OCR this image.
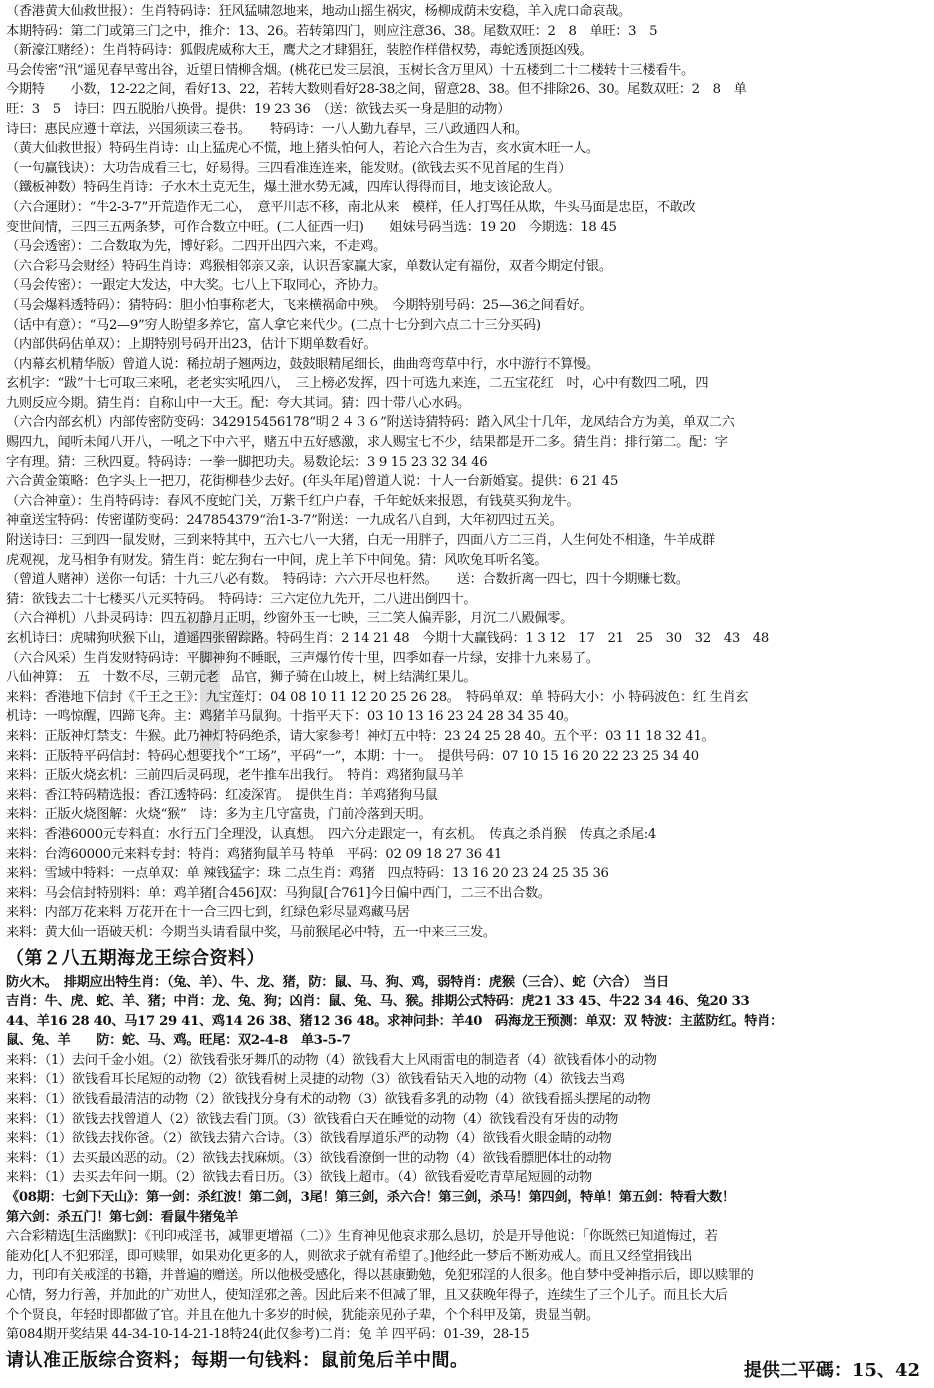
（香港黄大仙救世报）：生肖特码诗：狂风猛啸忽地来，地动山摇生祸灾，杨柳成荫未安稳，羊入虎口命哀哉。
本期特码：第二门或第三门之中，推介：13、26。若转第四门，则应注意36、38。尾数双旺：2　8　单旺：3　5
（新濠江赌经）：生肖特码诗：狐假虎威称大王，鹰犬之才肆猖狂，装腔作样借权势，毒蛇透顶挺凶残。
马会传密“汛”遥见春早莺出谷，近望日情柳含烟。(桃花已发三层浪，玉树长含万里风）十五楼到二十二楼转十三楼看牛。
今期特　　小数，12-22之间，看好13、22，若转大数则看好28-38之间，留意28、38。但不排除26、30。尾数双旺：2　8　单
旺：3　5　诗曰：四五脱胎八换骨。提供：19 23 36　（送：欲钱去买一身是胆的动物）
诗曰：惠民应遵十章法，兴国须读三卷书。　　特码诗：一八人勤九春早，三八政通四人和。
（黄大仙救世报）特码生肖诗：山上猛虎心不慌，地上猪头怕何人，若论六合生为吉，亥水寅木旺一人。
（一句赢钱诀）：大功告成看三七，好易得。三四看准连连来，能发财。(欲钱去买不见首尾的生肖）
（鐵板神数）特码生肖诗：子水木土克无生，爆土泄水势无减，四库认得得而目，地支该论敌人。
（六合運財）：“牛2-3-7”开荒造作无二心，　意平川志不移，南北从来　模样，任人打骂任从欺，牛头马面是忠臣，不敢改
变世间情，三四三五两条梦，可作合数立中旺。(二人征西一归)　　姐妹号码当选：19 20　今期选：18 45
（马会透密）：二合数取为先，博好彩。二四开出四六来，不走鸡。
（六合彩马会财经）特码生肖诗：鸡猴相邻亲又亲，认识吾家赢大家，单数认定有福份，双者今期定付银。
（马会传密）：一跟定大发达，中大奖。七八上下取同心，齐协力。
（马会爆料透特码）：猜特码：胆小怕事称老大，飞来横祸命中殃。　今期特别号码：25—36之间看好。
（话中有意）：“马2—9”穷人盼望多养它，富人拿它来代少。(二点十七分到六点二十三分买码)
（内部供码估单双）：上期特别号码开出23，估计下期单数看好。
（内幕玄机精华版）曾道人说：稀拉胡子翘两边，鼓鼓眼精尾细长，曲曲弯弯草中行，水中游行不算慢。
玄机字：“跋”十七可取三来吼，老老实实吼四八，　三上榜必发挥，四十可选九来连，二五宝花红　吋，心中有数四二吼，四
九则反应今期。猜生肖：自称山中一大王。配：夸大其词。猜：四十带八心水码。
（六合内部玄机）内部传密防变码：342915456178“明２４３６”附送诗猜特码：踏入风尘十几年，龙凤结合方为美，单双二六
赐四九，闻听未闻八开八，一吼之下中六平，赌五中五好感激，求人赐宝七不少，结果都是开二多。猜生肖：排行第二。配：字
字有理。猜：三秋四夏。特码诗：一拳一脚把功夫。易数论坛：3 9 15 23 32 34 46
六合黄金策略：色字头上一把刀，花街柳巷少去好。(年头年尾)曾道人说：十人一台新婚宴。提供：6 21 45
（六合神童）：生肖特码诗：春风不度蛇门关，万紫千红户户春，千年蛇妖来报恩，有钱莫买狗龙牛。
神童送宝特码：传密谨防变码：247854379“治1-3-7”附送：一九成名八自到，大年初四过五关。
附送诗曰：三到四一鼠发财，三到来特其中，五六七八一大猪，白无一用胖子，四面八方二三肖，人生何处不相逢，牛羊成群
虎观视，龙马相争有财发。猜生肖：蛇左狗右一中间，虎上羊下中间兔。猜：风吹兔耳听名笺。
（曾道人赌神）送你一句话：十九三八必有数。　特码诗：六六开尽也杆然。　　送：合数折离一四七，四十今期赚七数。
猜：欲钱去二十七楼买八元买特码。　特码诗：三六定位九先开，二八进出倒四十。
（六合禅机）八卦灵码诗：四五初静月正明，纱窗外玉一七映，三二笑人偏弄影，月沉二八殿佩零。
玄机诗曰：虎啸狗吠猴下山，道遥四张留踪路。特码生肖：2 14 21 48　今期十大赢钱码：1 3 12　17　21　25　30　32　43　48
（六合风采）生肖发财特码诗：平脚神狗不睡眠，三声爆竹传十里，四季如春一片绿，安排十九来易了。
八仙神算：　五　十数不尽，三朝元老　品官，狮子骑在山坡上，树上结满红果儿。
来料：香港地下信封《千王之王》：九宝莲灯：04 08 10 11 12 20 25 26 28。　特码单双：单 特码大小：小 特码波色：红 生肖玄
机诗：一鸣惊醒，四蹄飞奔。主：鸡猪羊马鼠狗。十指平天下：03 10 13 16 23 24 28 34 35 40。
来料：正版神灯禁支：牛猴。此乃神灯特码绝杀，请大家参考！神灯五中特：23 24 25 28 40。五个平：03 11 18 32 41。
来料：正版特平码信封：特码心想要找个“工场”，平码“一”，本期：十一。　提供号码：07 10 15 16 20 22 23 25 34 40
来料：正版火烧玄机：三前四后灵码现，老牛推车出我行。　特肖：鸡猪狗鼠马羊
来料：香江特码精选报：香江透特码：红凌深宵。　提供生肖：羊鸡猪狗马鼠
来料：正版火烧图解：火烧“猴”　诗：多为主几守富贵，门前冷落到天明。
来料：香港6000元专料直：水行五门全理没，认真想。　四六分走跟定一，有玄机。　传真之杀肖猴　传真之杀尾:4
来料：台湾60000元来料专封：特肖：鸡猪狗鼠羊马 特单　平码：02 09 18 27 36 41
来料：雪域中特料：一点单双：单 辣钱猛字：珠 二点生肖：鸡猪　四点特码：13 16 20 23 24 25 35 36
来料：马会信封特别料：单：鸡羊猪[合456]双：马狗鼠[合761]今日偏中西门，二三不出合数。
来料：内部万花来料 万花开在十一合三四七到，红绿色彩尽显鸡藏马居
来料：黄大仙一语破天机：今期当头请看鼠中奖，马前猴尾必中特，五一中来三三发。
（第２八五期海龙王综合资料）
防火木。　排期应出特生肖：（兔、羊）、牛、龙、猪，防：鼠、马、狗、鸡，弱特肖：虎猴（三合）、蛇（六合）　当日
吉肖：牛、虎、蛇、羊、猪；中肖：龙、兔、狗；凶肖：鼠、兔、马、猴。排期公式特码：虎21 33 45、牛22 34 46、兔20 33
44、羊16 28 40、马17 29 41、鸡14 26 38、猪12 36 48。求神问卦：羊40　码海龙王预测：单双：双 特波：主蓝防红。特肖：
鼠、兔、羊　　防：蛇、马、鸡。旺尾：双2-4-8　单3-5-7
来料：（1）去问千金小姐。（2）欲钱看张牙舞爪的动物（4）欲钱看大上风雨雷电的制造者（4）欲钱看体小的动物
来料：（1）欲钱看耳长尾短的动物（2）欲钱看树上灵捷的动物（3）欲钱看钻天入地的动物（4）欲钱去当鸡
来料：（1）欲钱看最清洁的动物（2）欲钱找分身有术的动物（3）欲钱看多乳的动物（4）欲钱看摇头摆尾的动物
来料：（1）欲钱去找曾道人（2）欲钱去看门顶。（3）欲钱看白天在睡觉的动物（4）欲钱看没有牙齿的动物
来料：（1）欲钱去找你爸。（2）欲钱去猜六合诗。（3）欲钱看厚道乐严的动物（4）欲钱看火眼金睛的动物
来料：（1）去买最凶恶的动。（2）欲钱去找麻烦。（3）欲钱看潦倒一世的动物（4）欲钱看膘肥体壮的动物
来料：（1）去买去年问一期。（2）欲钱去看日历。（3）欲钱上超市。（4）欲钱看爱吃青草尾短圆的动物
《08期：七剑下天山》：第一剑：杀红波！第二剑，3尾！第三剑，杀六合！第三剑，杀马！第四剑，特单！第五剑：特看大数！
第六剑：杀五门！第七剑：看鼠牛猪兔羊
六合彩精选[生活幽默]：《刊印戒淫书，减罪更增福（二）》生育神见他哀求那么恳切，於是开导他说：「你既然已知道悔过，若
能劝化[人不犯邪淫，即可赎罪，如果劝化更多的人，则欲求子就有希望了。]他经此一梦后不断劝戒人。而且又经堂捐钱出
力，刊印有关戒淫的书籍，并普遍的赠送。所以他极受感化，得以甚康勤勉，免犯邪淫的人很多。他自梦中受神指示后，即以赎罪的
心情，努力行善，并加此的广劝世人，使知淫邪之善。因此后来不但减了罪，且又获晚年得子，连续生了三个儿子。而且长大后
个个贤良，年轻时即都做了官。并且在他九十多岁的时候，犹能亲见孙子辈，个个科甲及第，贵显当朝。
第084期开奖结果 44-34-10-14-21-18特24(此仅参考)二肖：兔 羊 四平码：01-39，28-15
请认准正版综合资料；每期一句钱料：鼠前兔后羊中間。	提供二平碼：15、42
